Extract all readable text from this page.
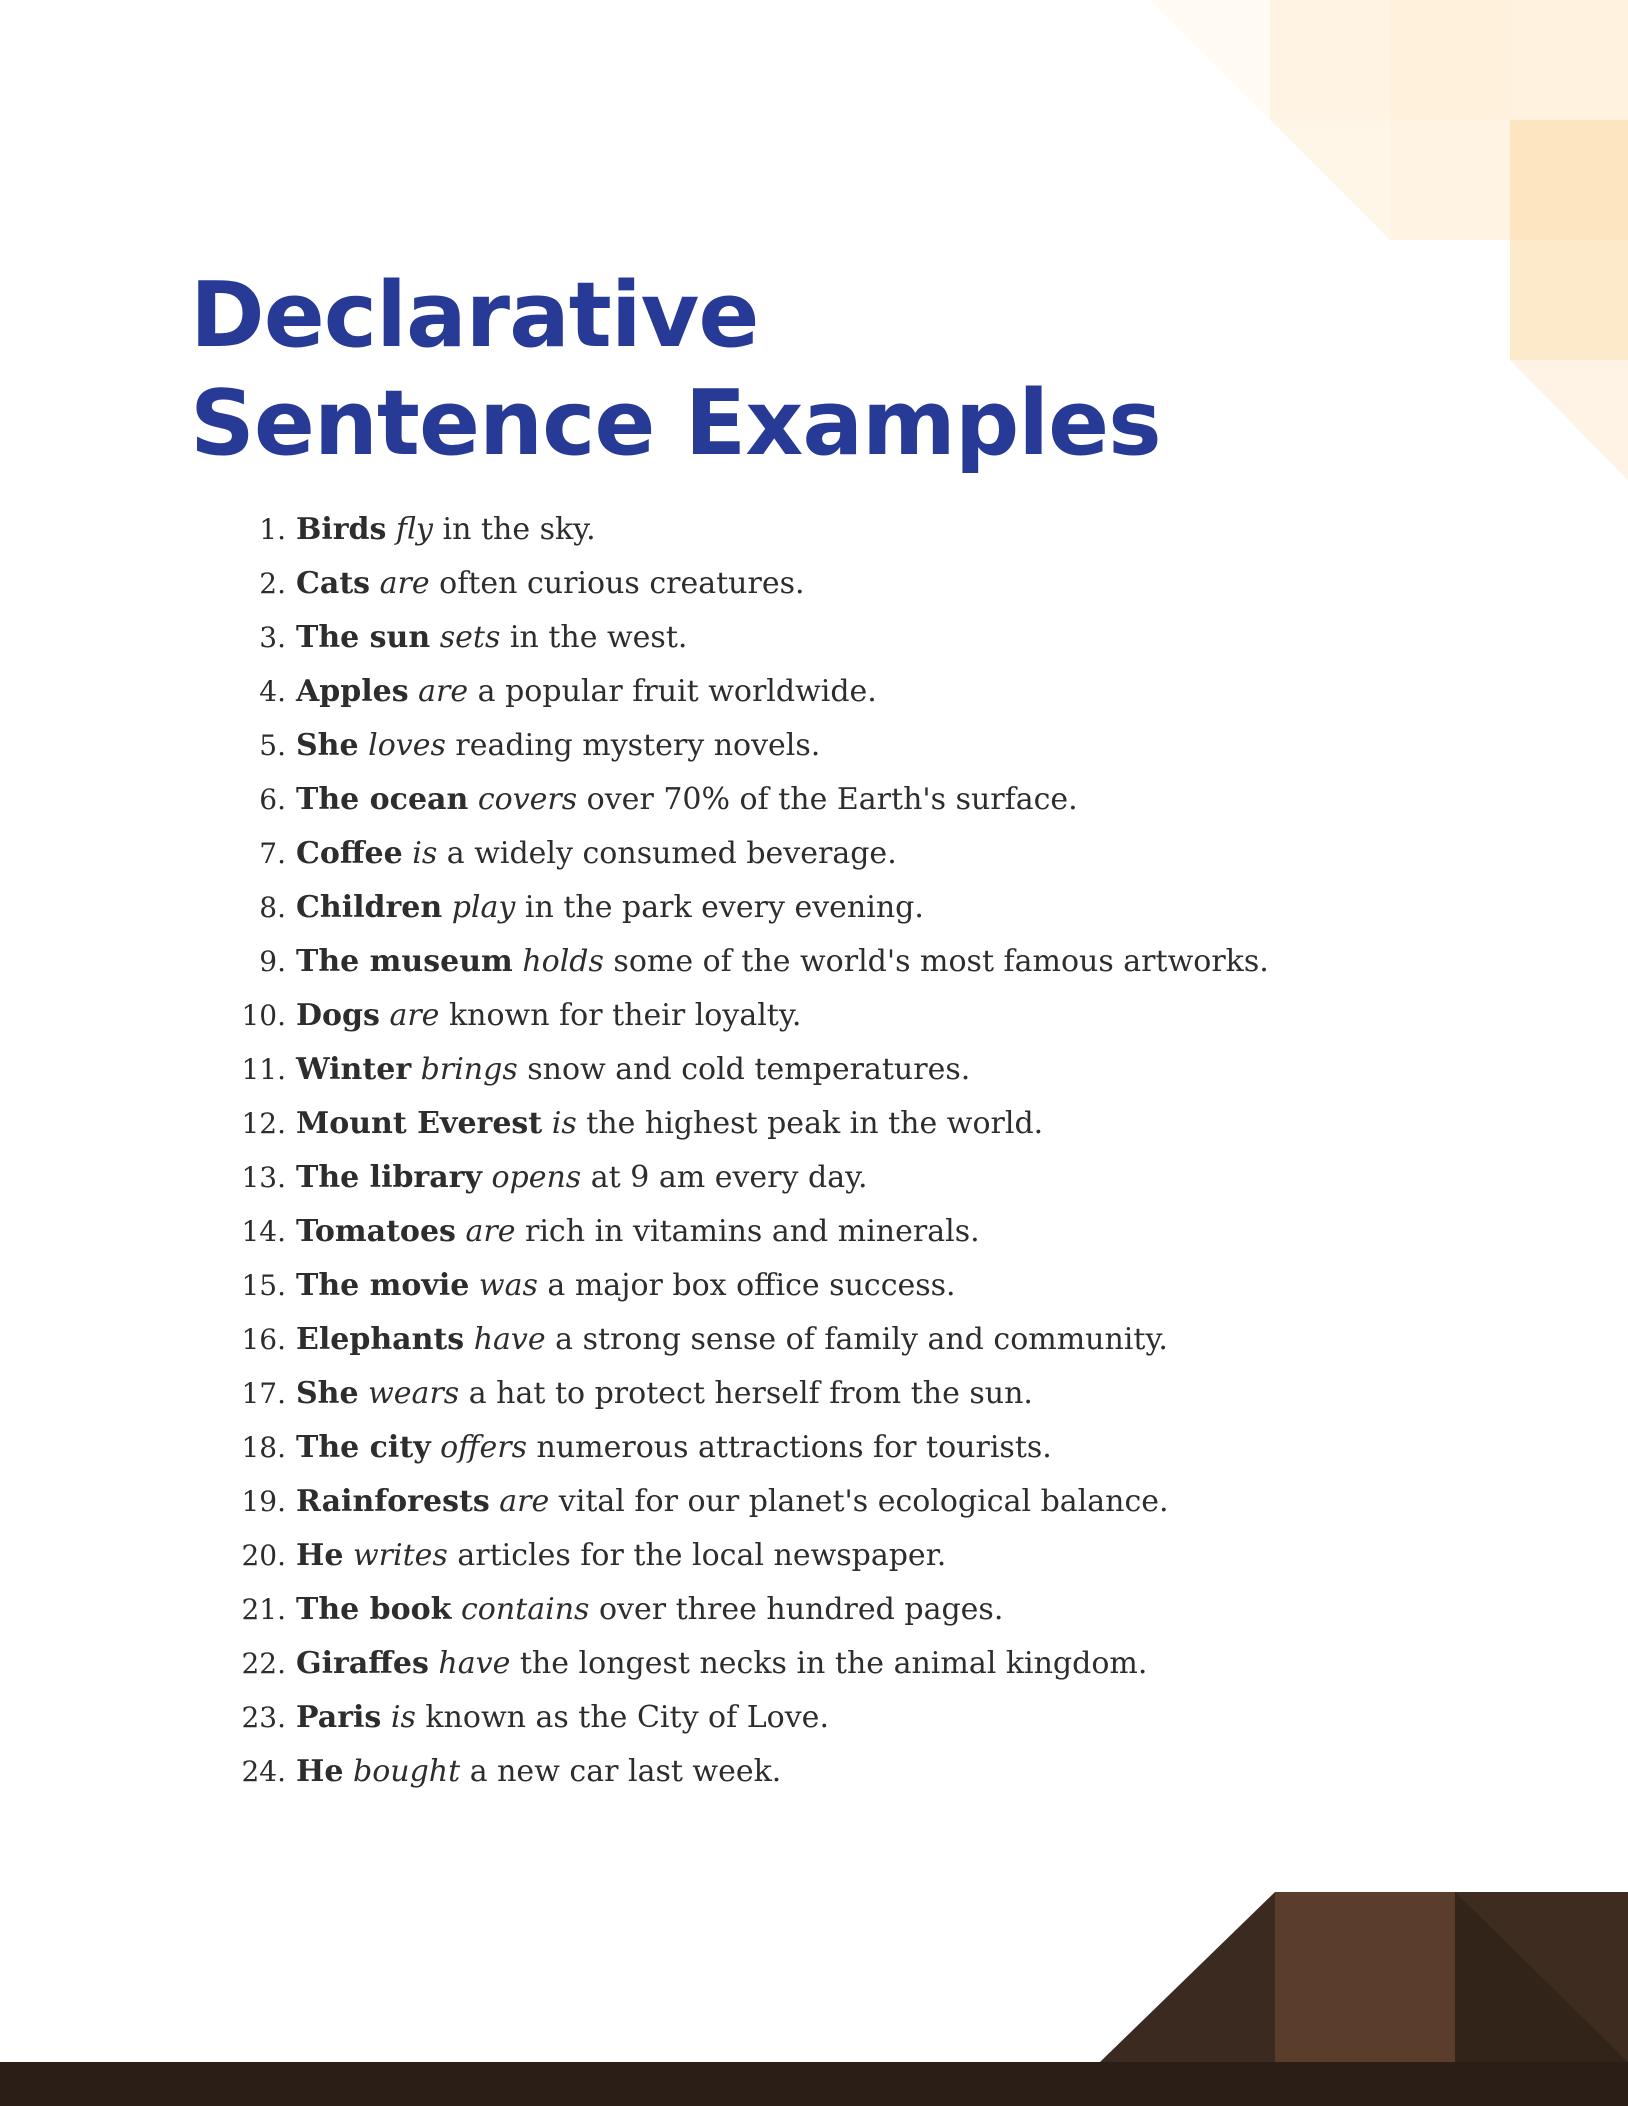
Declarative
Sentence Examples
1. Birds fly in the sky.
2. Cats are often curious creatures.
3. The sun sets in the west.
4. Apples are a popular fruit worldwide.
5. She loves reading mystery novels.
6. The ocean covers over 70% of the Earth's surface.
7. Coffee is a widely consumed beverage.
8. Children play in the park every evening.
9. The museum holds some of the world's most famous artworks.
10. Dogs are known for their loyalty.
11. Winter brings snow and cold temperatures.
12. Mount Everest is the highest peak in the world.
13. The library opens at 9 am every day.
14. Tomatoes are rich in vitamins and minerals.
15. The movie was a major box office success.
16. Elephants have a strong sense of family and community.
17. She wears a hat to protect herself from the sun.
18. The city offers numerous attractions for tourists.
19. Rainforests are vital for our planet's ecological balance.
20. He writes articles for the local newspaper.
21. The book contains over three hundred pages.
22. Giraffes have the longest necks in the animal kingdom.
23. Paris is known as the City of Love.
24. He bought a new car last week.
